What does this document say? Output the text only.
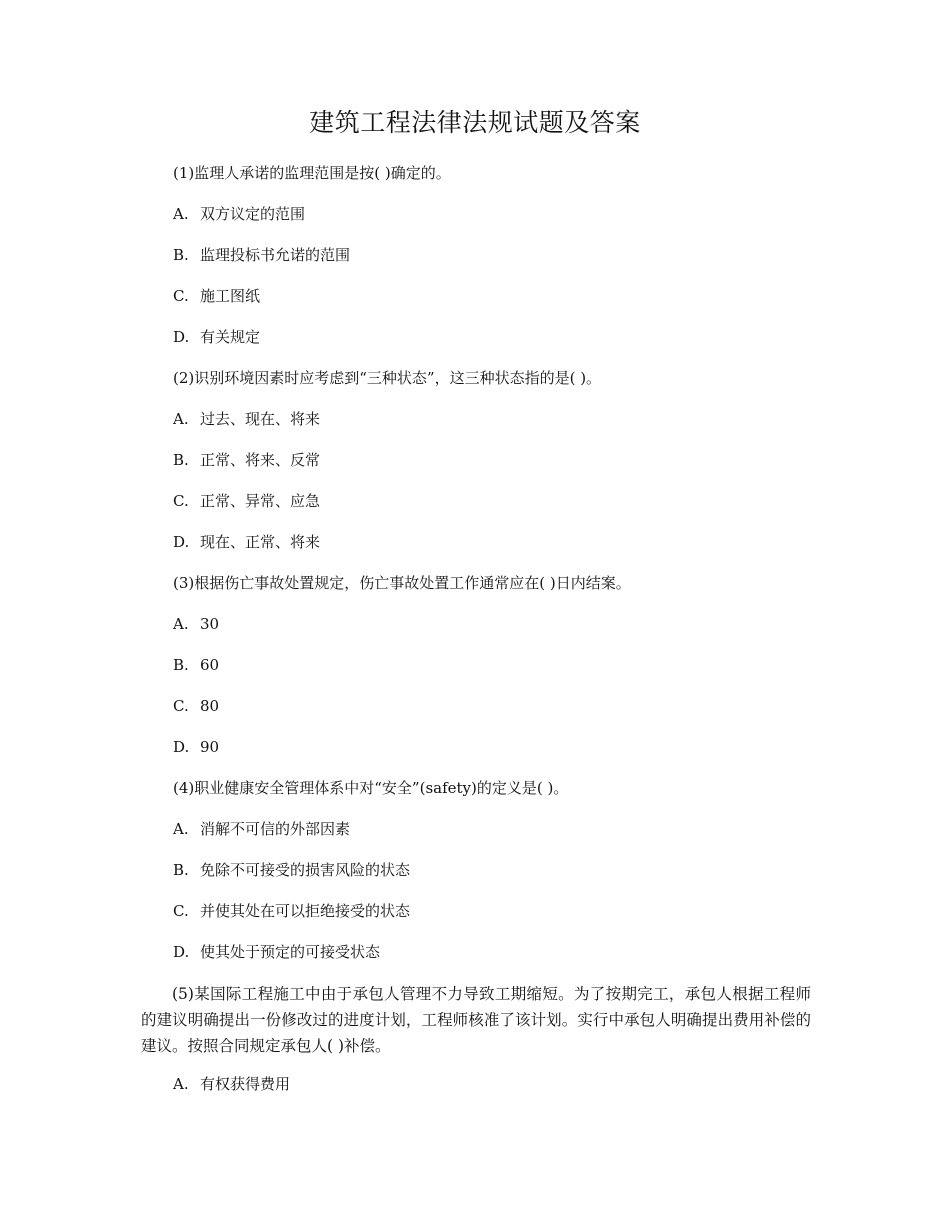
建筑工程法律法规试题及答案

(1)监理人承诺的监理范围是按( )确定的。

A. 双方议定的范围

B. 监理投标书允诺的范围

C. 施工图纸

D. 有关规定

(2)识别环境因素时应考虑到“三种状态”，这三种状态指的是( )。

A. 过去、现在、将来

B. 正常、将来、反常

C. 正常、异常、应急

D. 现在、正常、将来

(3)根据伤亡事故处置规定，伤亡事故处置工作通常应在( )日内结案。

A. 30

B. 60

C. 80

D. 90

(4)职业健康安全管理体系中对“安全”(safety)的定义是( )。

A. 消解不可信的外部因素

B. 免除不可接受的损害风险的状态

C. 并使其处在可以拒绝接受的状态

D. 使其处于预定的可接受状态

(5)某国际工程施工中由于承包人管理不力导致工期缩短。为了按期完工，承包人根据工程师的建议明确提出一份修改过的进度计划，工程师核准了该计划。实行中承包人明确提出费用补偿的建议。按照合同规定承包人( )补偿。

A. 有权获得费用
